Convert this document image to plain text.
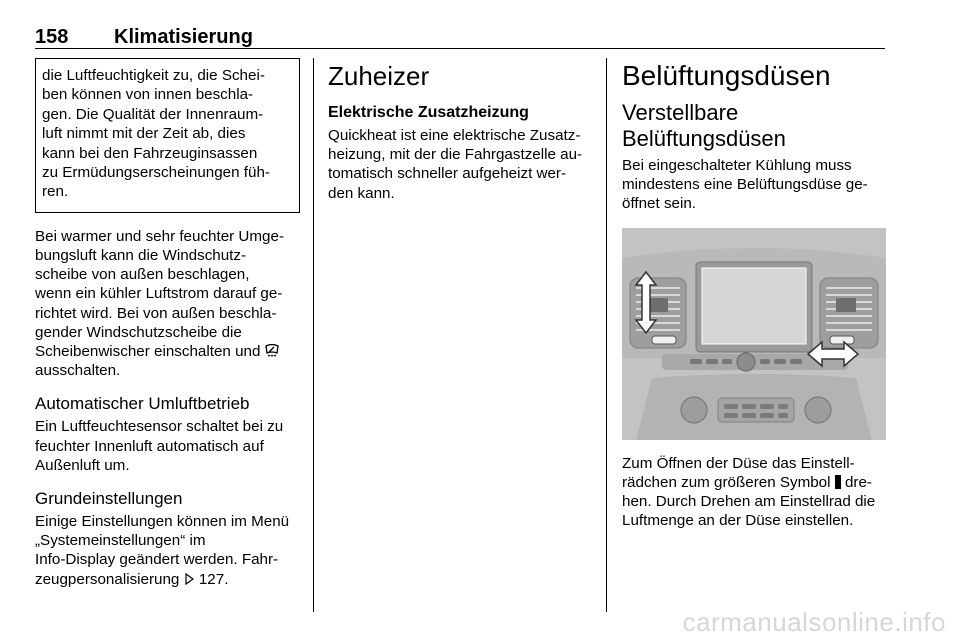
158 Klimatisierung

die Luftfeuchtigkeit zu, die Schei-
ben können von innen beschla-
gen. Die Qualität der Innenraum-
luft nimmt mit der Zeit ab, dies
kann bei den Fahrzeuginsassen
zu Ermüdungserscheinungen füh-
ren.

Bei warmer und sehr feuchter Umge-
bungsluft kann die Windschutz-
scheibe von außen beschlagen,
wenn ein kühler Luftstrom darauf ge-
richtet wird. Bei von außen beschla-
gender Windschutzscheibe die
Scheibenwischer einschalten und
ausschalten.

Automatischer Umluftbetrieb

Ein Luftfeuchtesensor schaltet bei zu
feuchter Innenluft automatisch auf
Außenluft um.

Grundeinstellungen

Einige Einstellungen können im Menü
„Systemeinstellungen“ im
Info-Display geändert werden. Fahr-
zeugpersonalisierung 127.

Zuheizer
Elektrische Zusatzheizung

Quickheat ist eine elektrische Zusatz-
heizung, mit der die Fahrgastzelle au-
tomatisch schneller aufgeheizt wer-
den kann.

Belüftungsdüsen
Verstellbare
Belüftungsdüsen

Bei eingeschalteter Kühlung muss
mindestens eine Belüftungsdüse ge-
öffnet sein.

Zum Öffnen der Düse das Einstell-
rädchen zum größeren Symbol dre-
hen. Durch Drehen am Einstellrad die
Luftmenge an der Düse einstellen.

carmanualsonline.info
